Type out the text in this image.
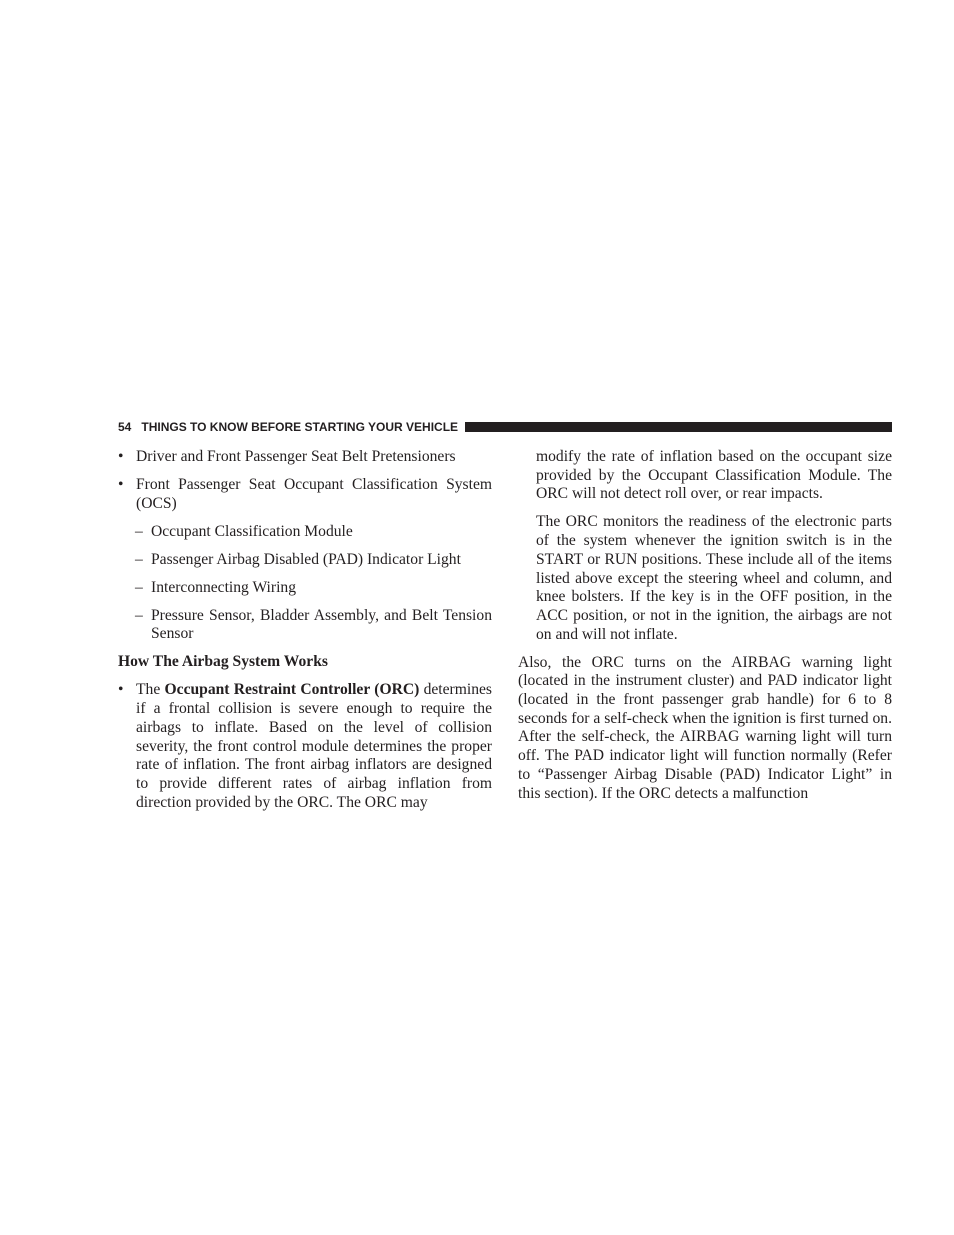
54 THINGS TO KNOW BEFORE STARTING YOUR VEHICLE
• Driver and Front Passenger Seat Belt Pretensioners
• Front Passenger Seat Occupant Classification System (OCS)
– Occupant Classification Module
– Passenger Airbag Disabled (PAD) Indicator Light
– Interconnecting Wiring
– Pressure Sensor, Bladder Assembly, and Belt Tension Sensor
How The Airbag System Works
• The Occupant Restraint Controller (ORC) determines if a frontal collision is severe enough to require the airbags to inflate. Based on the level of collision severity, the front control module determines the proper rate of inflation. The front airbag inflators are designed to provide different rates of airbag inflation from direction provided by the ORC. The ORC may

modify the rate of inflation based on the occupant size provided by the Occupant Classification Module. The ORC will not detect roll over, or rear impacts.

The ORC monitors the readiness of the electronic parts of the system whenever the ignition switch is in the START or RUN positions. These include all of the items listed above except the steering wheel and column, and knee bolsters. If the key is in the OFF position, in the ACC position, or not in the ignition, the airbags are not on and will not inflate.

Also, the ORC turns on the AIRBAG warning light (located in the instrument cluster) and PAD indicator light (located in the front passenger grab handle) for 6 to 8 seconds for a self-check when the ignition is first turned on. After the self-check, the AIRBAG warning light will turn off. The PAD indicator light will function normally (Refer to “Passenger Airbag Disable (PAD) Indicator Light” in this section). If the ORC detects a malfunction
